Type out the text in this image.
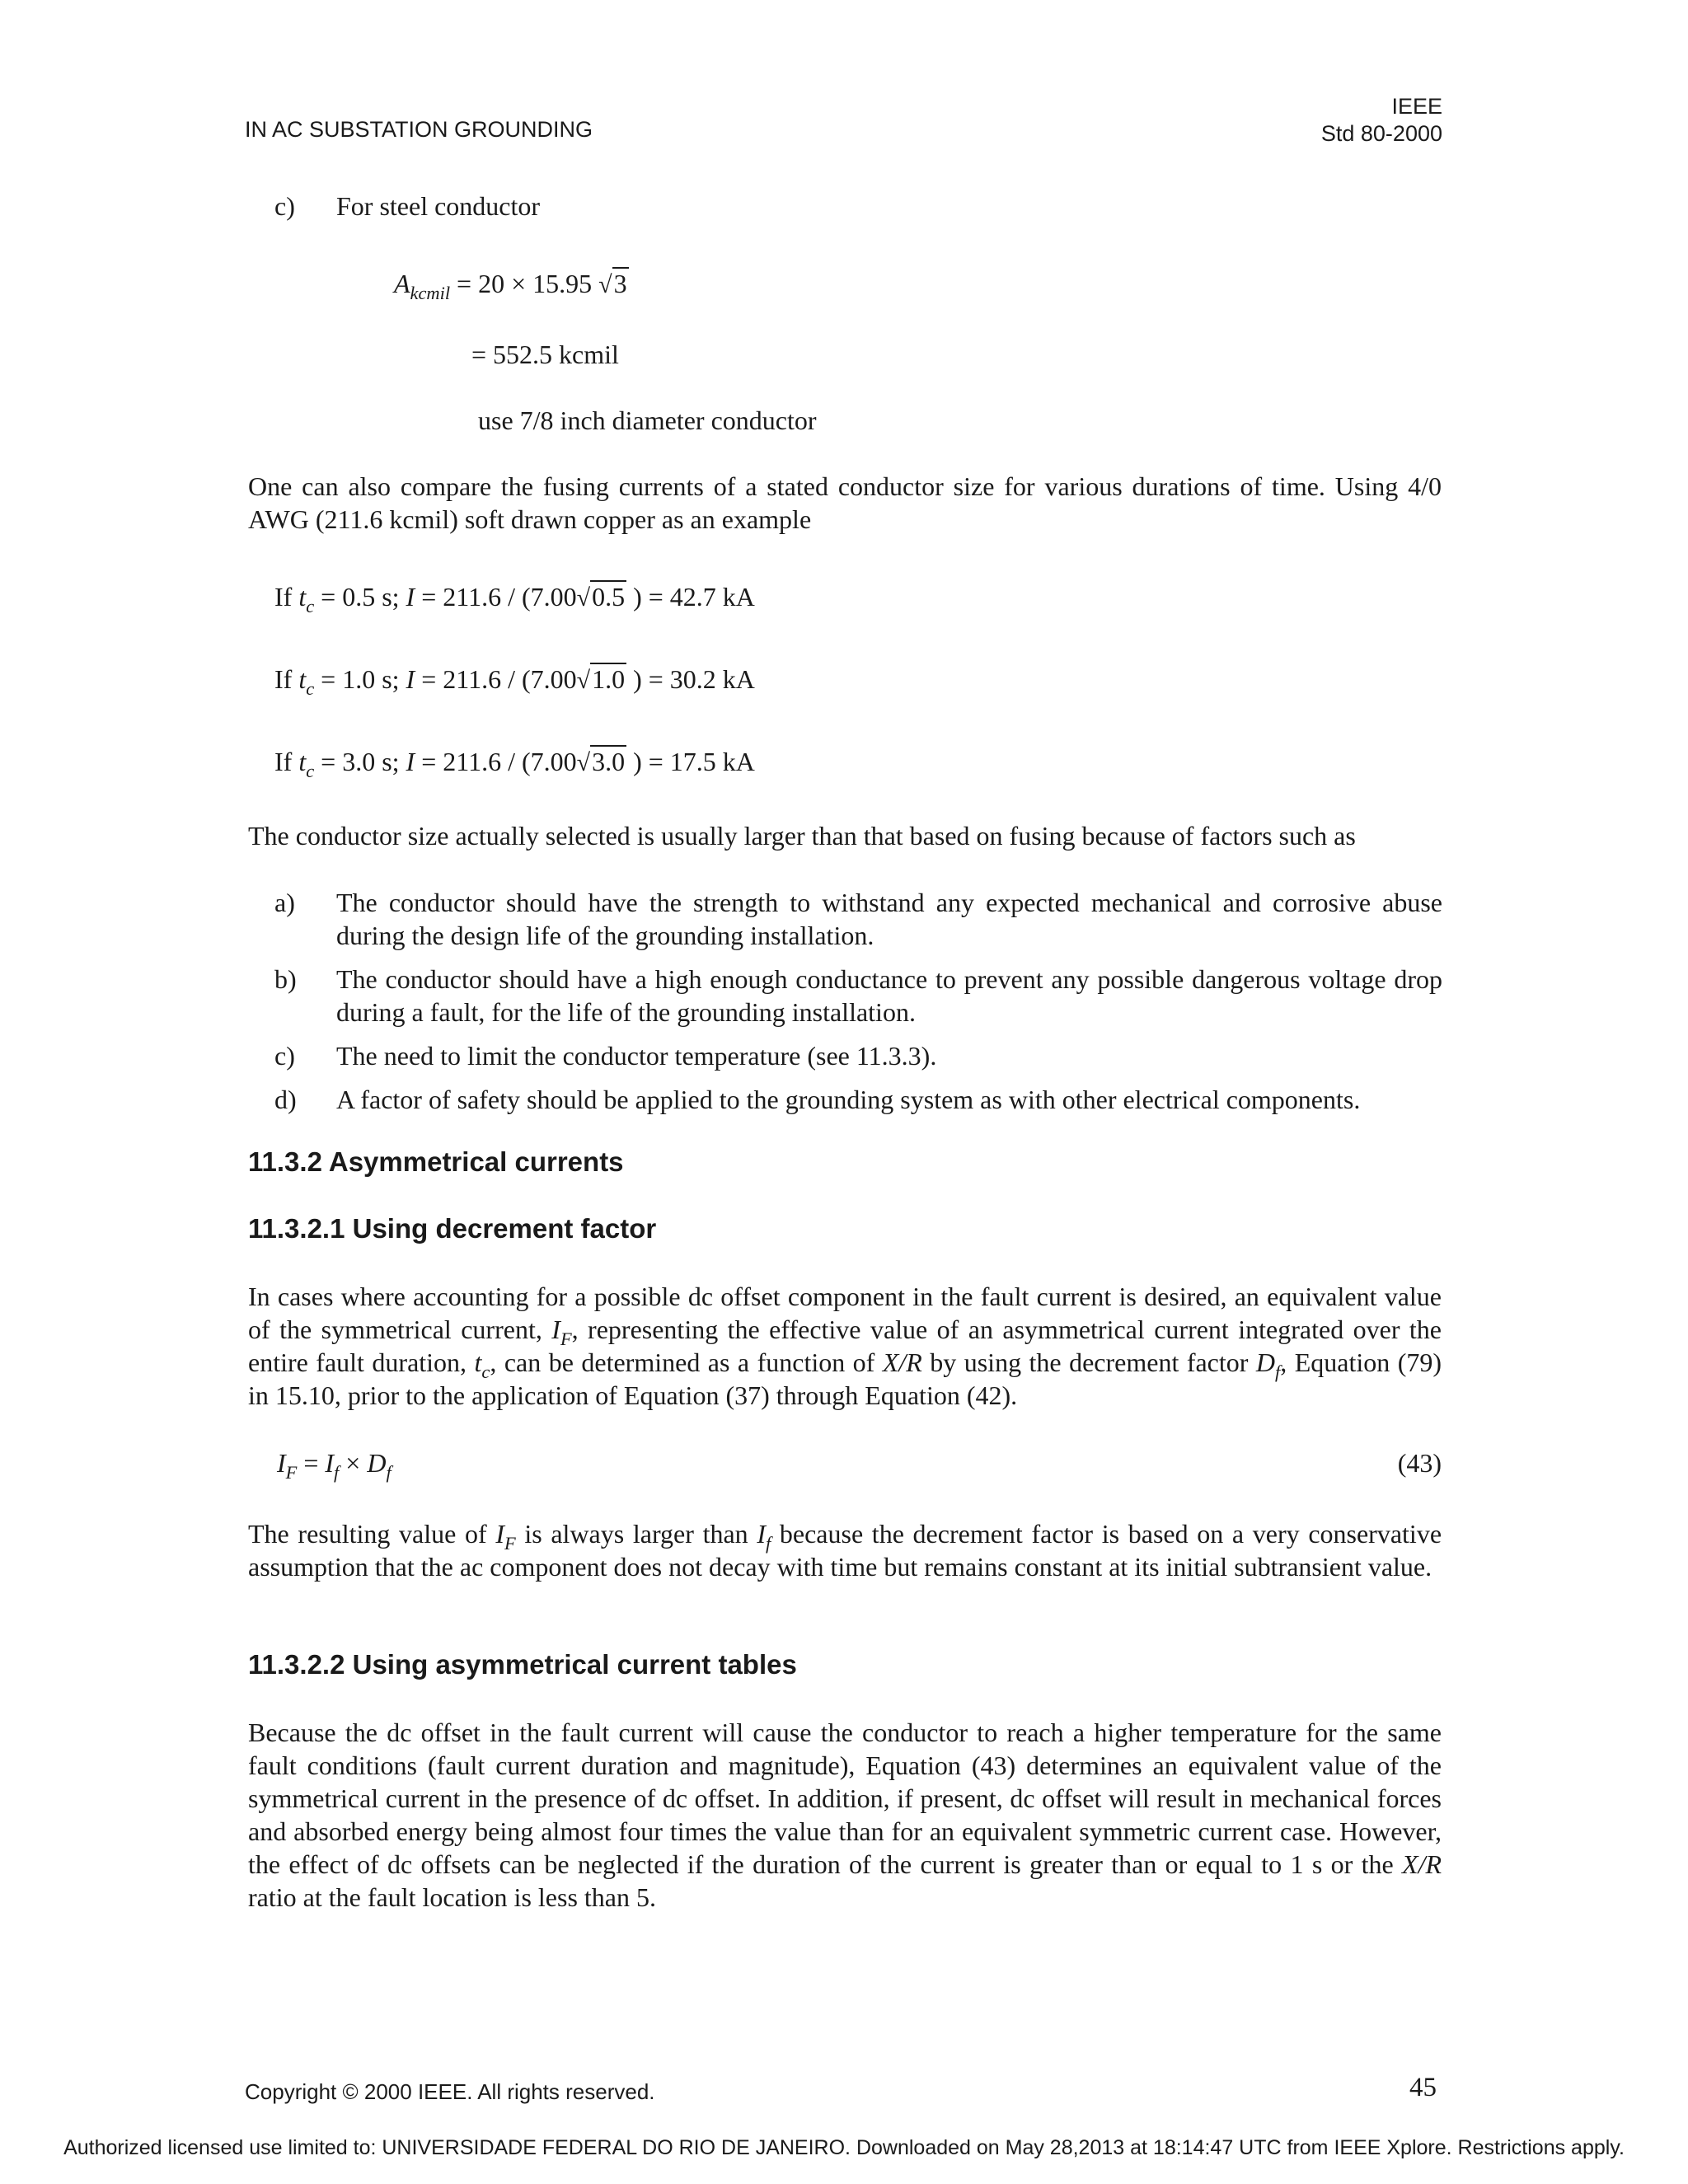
IN AC SUBSTATION GROUNDING
IEEE
Std 80-2000
c) For steel conductor
$A_{kcmil} = 20 \times 15.95$ √3
= 552.5 kcmil
use 7/8 inch diameter conductor
One can also compare the fusing currents of a stated conductor size for various durations of time. Using 4/0 AWG (211.6 kcmil) soft drawn copper as an example
If $t_c = 0.5$ s; I = 211.6 / (7.00√0.5 ) = 42.7 kA
If $t_c = 1.0$ s; I = 211.6 / (7.00√1.0 ) = 30.2 kA
If $t_c = 3.0$ s; I = 211.6 / (7.00√3.0 ) = 17.5 kA
The conductor size actually selected is usually larger than that based on fusing because of factors such as
a) The conductor should have the strength to withstand any expected mechanical and corrosive abuse during the design life of the grounding installation.
b) The conductor should have a high enough conductance to prevent any possible dangerous voltage drop during a fault, for the life of the grounding installation.
c) The need to limit the conductor temperature (see 11.3.3).
d) A factor of safety should be applied to the grounding system as with other electrical components.
11.3.2 Asymmetrical currents
11.3.2.1 Using decrement factor
In cases where accounting for a possible dc offset component in the fault current is desired, an equivalent value of the symmetrical current, $I_F$, representing the effective value of an asymmetrical current integrated over the entire fault duration, $t_c$, can be determined as a function of X/R by using the decrement factor $D_f$, Equation (79) in 15.10, prior to the application of Equation (37) through Equation (42).
$I_F = I_f \times D_f$	(43)
The resulting value of $I_F$ is always larger than $I_f$ because the decrement factor is based on a very conservative assumption that the ac component does not decay with time but remains constant at its initial subtransient value.
11.3.2.2 Using asymmetrical current tables
Because the dc offset in the fault current will cause the conductor to reach a higher temperature for the same fault conditions (fault current duration and magnitude), Equation (43) determines an equivalent value of the symmetrical current in the presence of dc offset. In addition, if present, dc offset will result in mechanical forces and absorbed energy being almost four times the value than for an equivalent symmetric current case. However, the effect of dc offsets can be neglected if the duration of the current is greater than or equal to 1 s or the X/R ratio at the fault location is less than 5.
Copyright © 2000 IEEE. All rights reserved.	45
Authorized licensed use limited to: UNIVERSIDADE FEDERAL DO RIO DE JANEIRO. Downloaded on May 28,2013 at 18:14:47 UTC from IEEE Xplore. Restrictions apply.
